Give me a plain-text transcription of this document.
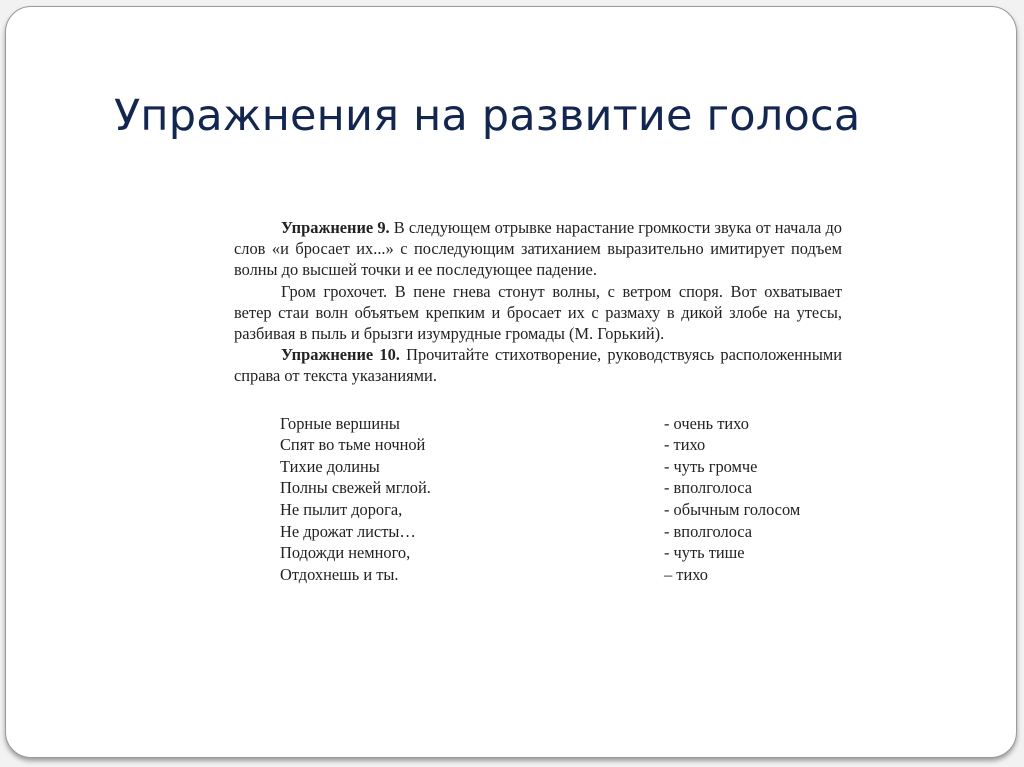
Упражнения на развитие голоса

Упражнение 9. В следующем отрывке нарастание громкости звука от начала до слов «и бросает их...» с последующим затиханием выразительно имитирует подъем волны до высшей точки и ее последующее падение.

Гром грохочет. В пене гнева стонут волны, с ветром споря. Вот охватывает ветер стаи волн объятьем крепким и бросает их с размаху в дикой злобе на утесы, разбивая в пыль и брызги изумрудные громады (М. Горький).

Упражнение 10. Прочитайте стихотворение, руководствуясь расположенными справа от текста указаниями.

Горные вершины	- очень тихо
Спят во тьме ночной	- тихо
Тихие долины	- чуть громче
Полны свежей мглой.	- вполголоса
Не пылит дорога,	- обычным голосом
Не дрожат листы…	- вполголоса
Подожди немного,	- чуть тише
Отдохнешь и ты.	– тихо
